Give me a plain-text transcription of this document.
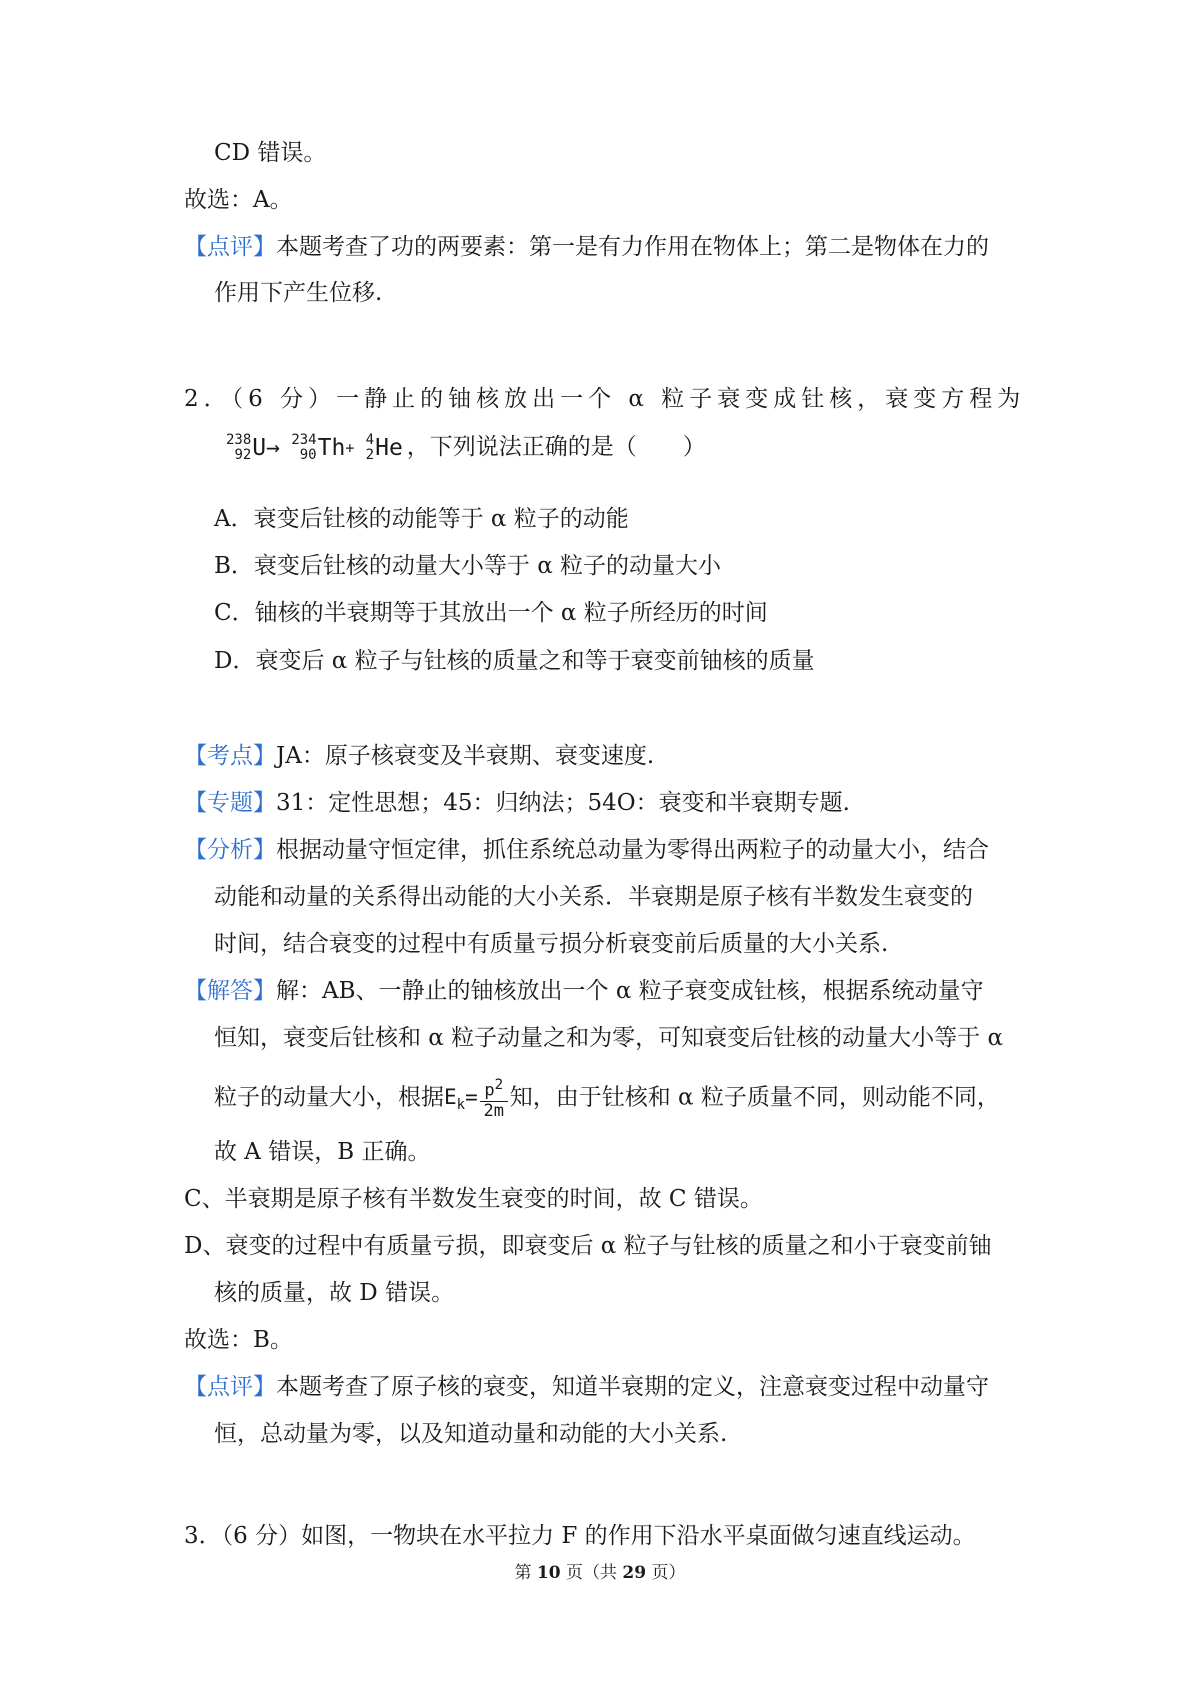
CD 错误。
故选：A。
【点评】本题考查了功的两要素：第一是有力作用在物体上；第二是物体在力的
作用下产生位移.
2．（6 分）一静止的铀核放出一个 α 粒子衰变成钍核，衰变方程为
238
92 U→
234
90 Th +
4
2 He ，下列说法正确的是（　　）
A．衰变后钍核的动能等于 α 粒子的动能
B．衰变后钍核的动量大小等于 α 粒子的动量大小
C．铀核的半衰期等于其放出一个 α 粒子所经历的时间
D．衰变后 α 粒子与钍核的质量之和等于衰变前铀核的质量
【考点】JA：原子核衰变及半衰期、衰变速度.
【专题】31：定性思想；45：归纳法；54O：衰变和半衰期专题.
【分析】根据动量守恒定律，抓住系统总动量为零得出两粒子的动量大小，结合
动能和动量的关系得出动能的大小关系．半衰期是原子核有半数发生衰变的
时间，结合衰变的过程中有质量亏损分析衰变前后质量的大小关系.
【解答】解：AB、一静止的铀核放出一个 α 粒子衰变成钍核，根据系统动量守
恒知，衰变后钍核和 α 粒子动量之和为零，可知衰变后钍核的动量大小等于 α
粒子的动量大小，根据$E_k= \frac{p^2}{2m}$ 知，由于钍核和 α 粒子质量不同，则动能不同，
故 A 错误，B 正确。
C、半衰期是原子核有半数发生衰变的时间，故 C 错误。
D、衰变的过程中有质量亏损，即衰变后 α 粒子与钍核的质量之和小于衰变前铀
核的质量，故 D 错误。
故选：B。
【点评】本题考查了原子核的衰变，知道半衰期的定义，注意衰变过程中动量守
恒，总动量为零，以及知道动量和动能的大小关系.
3．（6 分）如图，一物块在水平拉力 F 的作用下沿水平桌面做匀速直线运动。
第 10 页（共 29 页）
